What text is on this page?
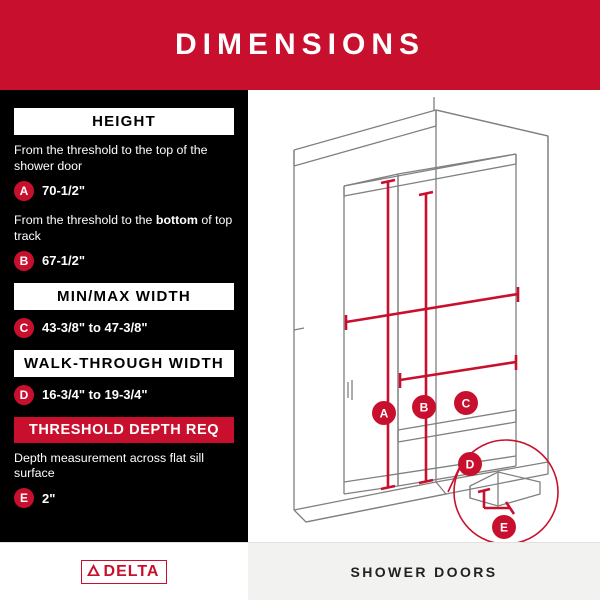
DIMENSIONS
HEIGHT
From the threshold to the top of the shower door
A	70-1/2"
From the threshold to the bottom of top track
B	67-1/2"
MIN/MAX WIDTH
C	43-3/8" to 47-3/8"
WALK-THROUGH WIDTH
D	16-3/4" to 19-3/4"
THRESHOLD DEPTH REQ
Depth measurement across flat sill surface
E	2"
A	B	C
D
E
DELTA	SHOWER DOORS
